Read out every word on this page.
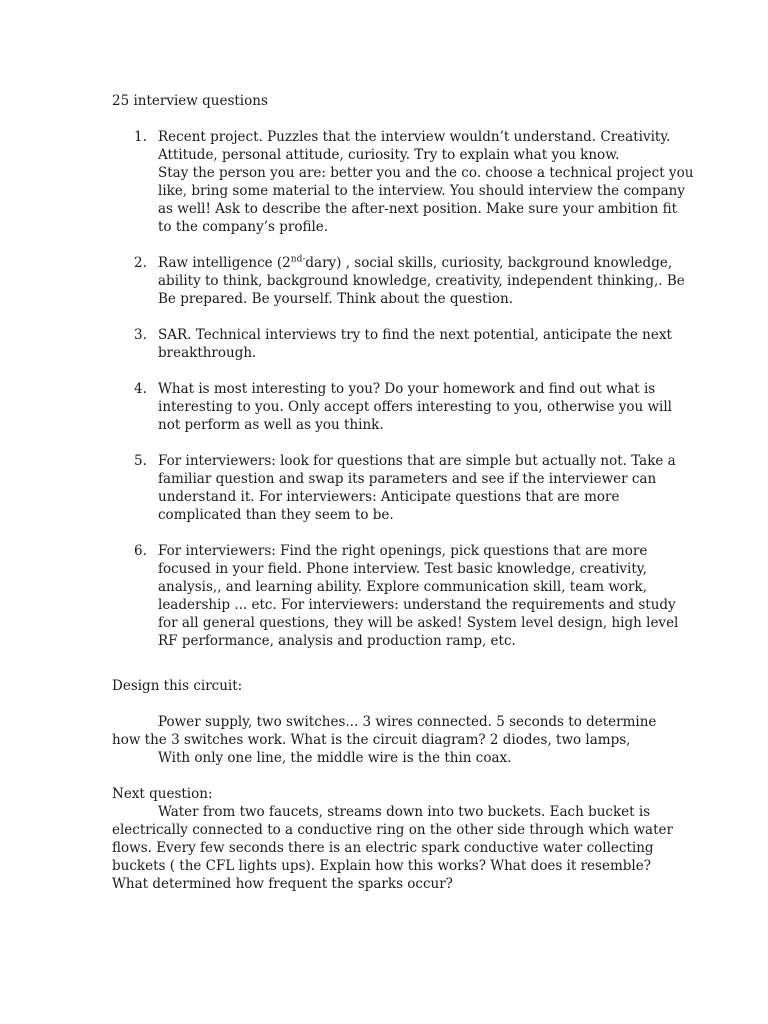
25 interview questions
1. Recent project. Puzzles that the interview wouldn’t understand. Creativity.
Attitude, personal attitude, curiosity. Try to explain what you know.
Stay the person you are: better you and the co. choose a technical project you
like, bring some material to the interview. You should interview the company
as well! Ask to describe the after-next position. Make sure your ambition fit
to the company’s profile.
2. Raw intelligence $(2^{nd-}dary)$ , social skills, curiosity, background knowledge,
ability to think, background knowledge, creativity, independent thinking,. Be
Be prepared. Be yourself. Think about the question.
3. SAR. Technical interviews try to find the next potential, anticipate the next
breakthrough.
4. What is most interesting to you? Do your homework and find out what is
interesting to you. Only accept offers interesting to you, otherwise you will
not perform as well as you think.
5. For interviewers: look for questions that are simple but actually not. Take a
familiar question and swap its parameters and see if the interviewer can
understand it. For interviewers: Anticipate questions that are more
complicated than they seem to be.
6. For interviewers: Find the right openings, pick questions that are more
focused in your field. Phone interview. Test basic knowledge, creativity,
analysis,, and learning ability. Explore communication skill, team work,
leadership ... etc. For interviewers: understand the requirements and study
for all general questions, they will be asked! System level design, high level
RF performance, analysis and production ramp, etc.
Design this circuit:
Power supply, two switches... 3 wires connected. 5 seconds to determine
how the 3 switches work. What is the circuit diagram? 2 diodes, two lamps,
With only one line, the middle wire is the thin coax.
Next question:
Water from two faucets, streams down into two buckets. Each bucket is
electrically connected to a conductive ring on the other side through which water
flows. Every few seconds there is an electric spark conductive water collecting
buckets ( the CFL lights ups). Explain how this works? What does it resemble?
What determined how frequent the sparks occur?
